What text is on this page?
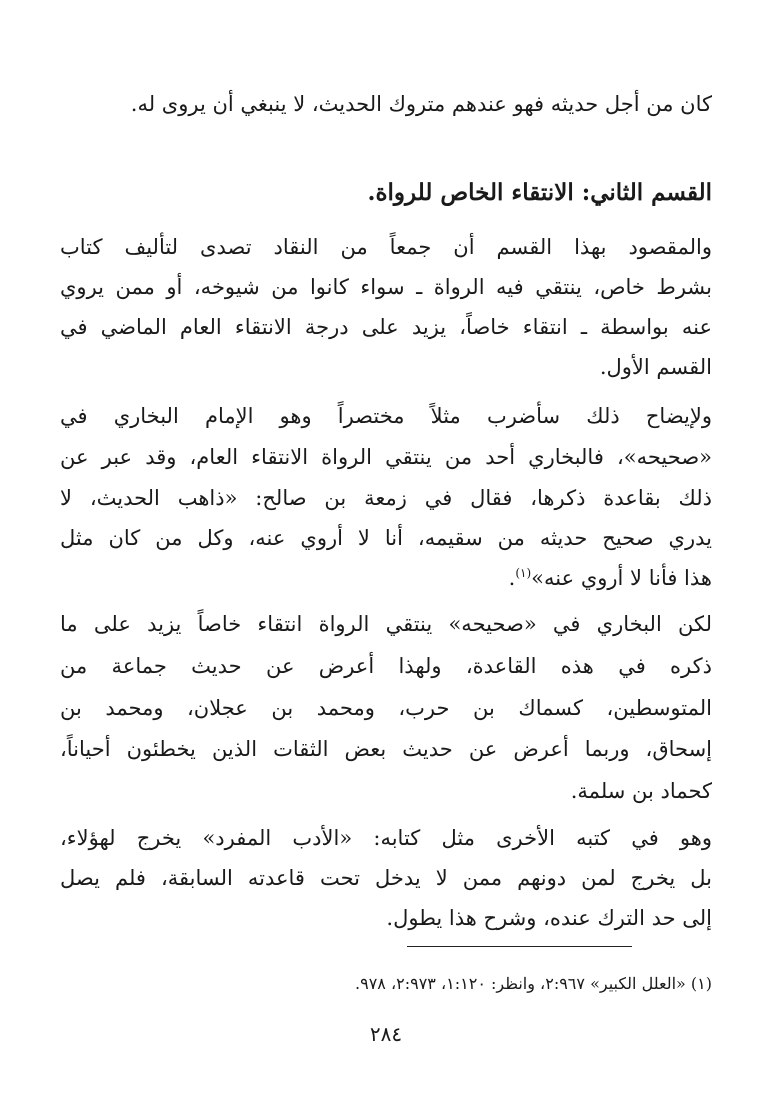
كان من أجل حديثه فهو عندهم متروك الحديث، لا ينبغي أن يروى له.
القسم الثاني: الانتقاء الخاص للرواة.
والمقصود بهذا القسم أن جمعاً من النقاد تصدى لتأليف كتاب
بشرط خاص، ينتقي فيه الرواة ـ سواء كانوا من شيوخه، أو ممن يروي
عنه بواسطة ـ انتقاء خاصاً، يزيد على درجة الانتقاء العام الماضي في
القسم الأول.
ولإيضاح ذلك سأضرب مثلاً مختصراً وهو الإمام البخاري في
«صحيحه»، فالبخاري أحد من ينتقي الرواة الانتقاء العام، وقد عبر عن
ذلك بقاعدة ذكرها، فقال في زمعة بن صالح: «ذاهب الحديث، لا
يدري صحيح حديثه من سقيمه، أنا لا أروي عنه، وكل من كان مثل
هذا فأنا لا أروي عنه»$^{(١)}$.
لكن البخاري في «صحيحه» ينتقي الرواة انتقاء خاصاً يزيد على ما
ذكره في هذه القاعدة، ولهذا أعرض عن حديث جماعة من
المتوسطين، كسماك بن حرب، ومحمد بن عجلان، ومحمد بن
إسحاق، وربما أعرض عن حديث بعض الثقات الذين يخطئون أحياناً،
كحماد بن سلمة.
وهو في كتبه الأخرى مثل كتابه: «الأدب المفرد» يخرج لهؤلاء،
بل يخرج لمن دونهم ممن لا يدخل تحت قاعدته السابقة، فلم يصل
إلى حد الترك عنده، وشرح هذا يطول.
(١) «العلل الكبير» ٢:٩٦٧، وانظر: ١:١٢٠، ٢:٩٧٣، ٩٧٨.
٢٨٤
